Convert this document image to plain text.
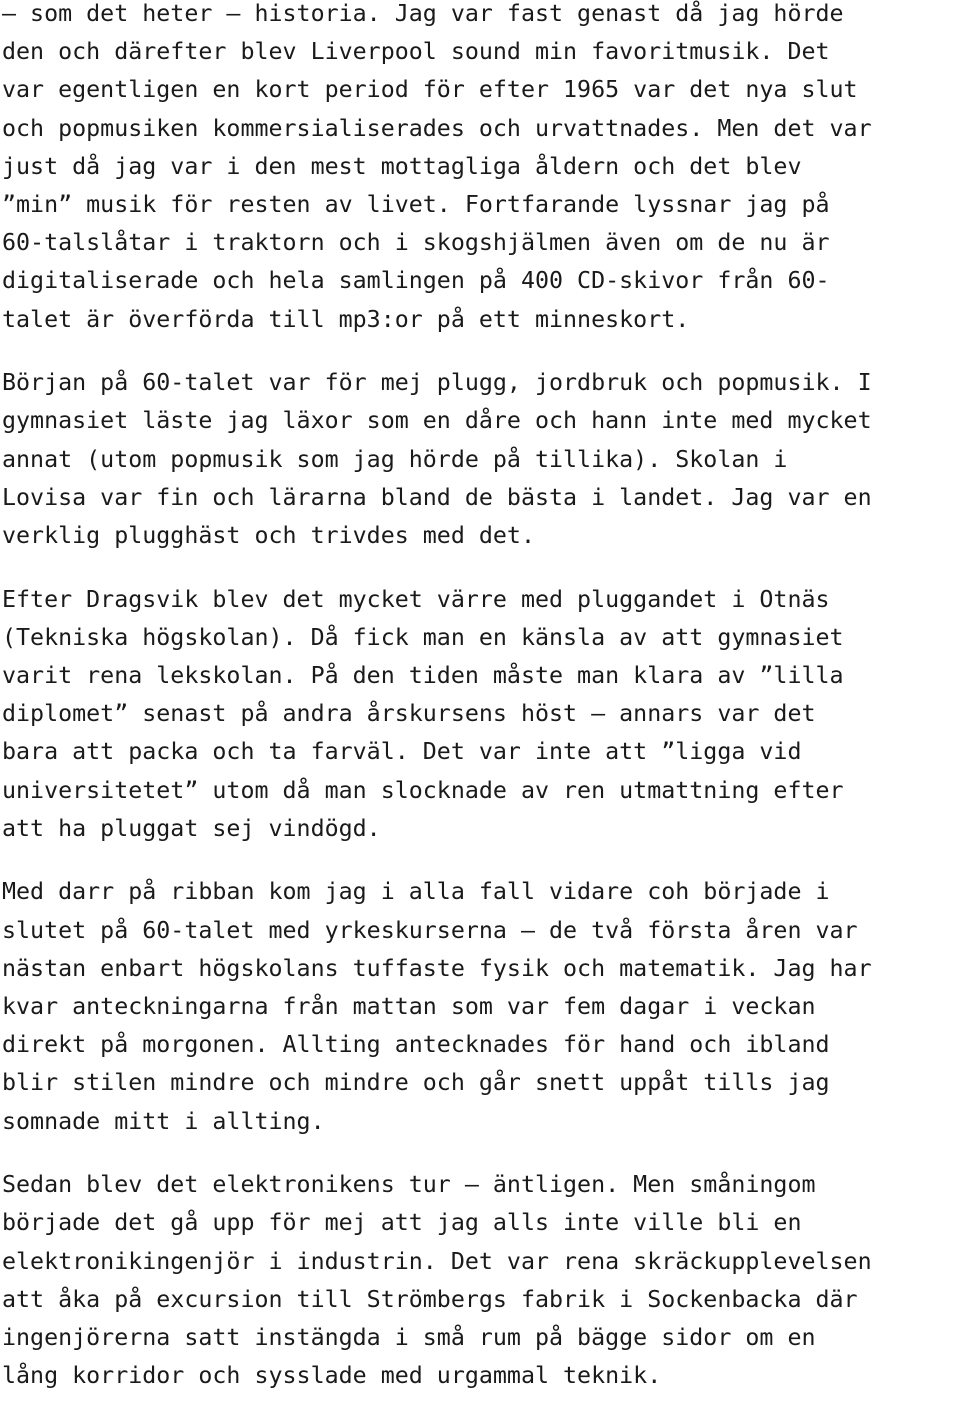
– som det heter – historia. Jag var fast genast då jag hörde
den och därefter blev Liverpool sound min favoritmusik. Det
var egentligen en kort period för efter 1965 var det nya slut
och popmusiken kommersialiserades och urvattnades. Men det var
just då jag var i den mest mottagliga åldern och det blev
”min” musik för resten av livet. Fortfarande lyssnar jag på
60-talslåtar i traktorn och i skogshjälmen även om de nu är
digitaliserade och hela samlingen på 400 CD-skivor från 60-
talet är överförda till mp3:or på ett minneskort.

Början på 60-talet var för mej plugg, jordbruk och popmusik. I
gymnasiet läste jag läxor som en dåre och hann inte med mycket
annat (utom popmusik som jag hörde på tillika). Skolan i
Lovisa var fin och lärarna bland de bästa i landet. Jag var en
verklig plugghäst och trivdes med det.

Efter Dragsvik blev det mycket värre med pluggandet i Otnäs
(Tekniska högskolan). Då fick man en känsla av att gymnasiet
varit rena lekskolan. På den tiden måste man klara av ”lilla
diplomet” senast på andra årskursens höst – annars var det
bara att packa och ta farväl. Det var inte att ”ligga vid
universitetet” utom då man slocknade av ren utmattning efter
att ha pluggat sej vindögd.

Med darr på ribban kom jag i alla fall vidare coh började i
slutet på 60-talet med yrkeskurserna – de två första åren var
nästan enbart högskolans tuffaste fysik och matematik. Jag har
kvar anteckningarna från mattan som var fem dagar i veckan
direkt på morgonen. Allting antecknades för hand och ibland
blir stilen mindre och mindre och går snett uppåt tills jag
somnade mitt i allting.

Sedan blev det elektronikens tur – äntligen. Men småningom
började det gå upp för mej att jag alls inte ville bli en
elektronikingenjör i industrin. Det var rena skräckupplevelsen
att åka på excursion till Strömbergs fabrik i Sockenbacka där
ingenjörerna satt instängda i små rum på bägge sidor om en
lång korridor och sysslade med urgammal teknik.
